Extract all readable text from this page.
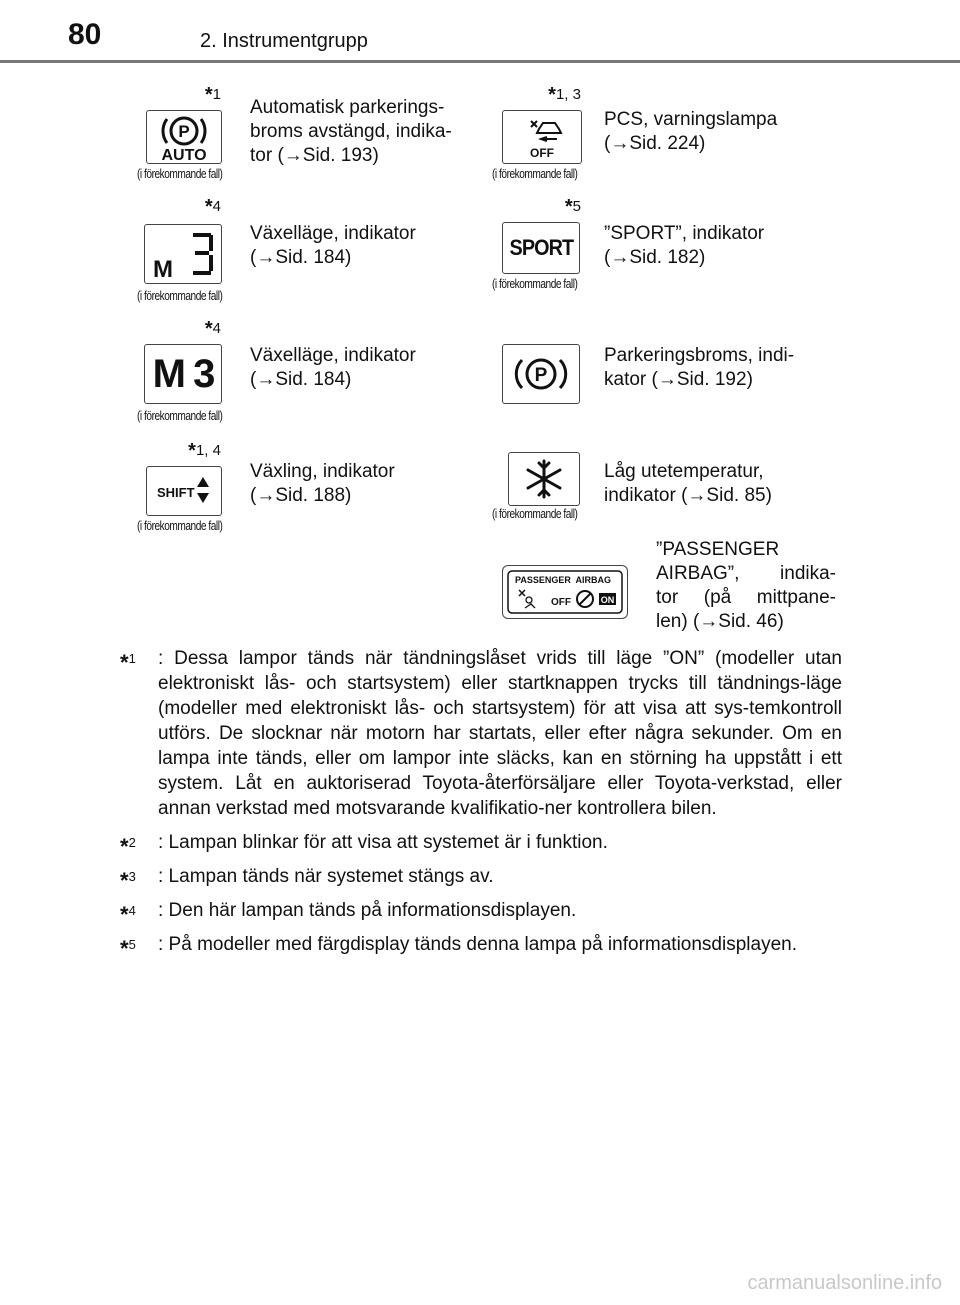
80	2. Instrumentgrupp
*1
P
AUTO
(i förekommande fall)
Automatisk parkerings-
broms avstängd, indika-
tor (→Sid. 193)
*1, 3
OFF
(i förekommande fall)
PCS, varningslampa
(→Sid. 224)
*4
M
(i förekommande fall)
Växelläge, indikator
(→Sid. 184)
*5
SPORT
(i förekommande fall)
”SPORT”, indikator
(→Sid. 182)
*4
M 3
(i förekommande fall)
Växelläge, indikator
(→Sid. 184)	P
Parkeringsbroms, indi-
kator (→Sid. 192)
*1, 4
SHIFT
(i förekommande fall)
Växling, indikator
(→Sid. 188)
(i förekommande fall)
Låg utetemperatur,
indikator (→Sid. 85)
PASSENGER  AIRBAG
OFF	ON
”PASSENGER
AIRBAG”, indika-
tor (på mittpane-
len) (→Sid. 46)
*$^1$ : Dessa lampor tänds när tändningslåset vrids till läge ”ON” (modeller utan elektroniskt lås- och startsystem) eller startknappen trycks till tändnings-läge (modeller med elektroniskt lås- och startsystem) för att visa att sys-temkontroll utförs. De slocknar när motorn har startats, eller efter några sekunder. Om en lampa inte tänds, eller om lampor inte släcks, kan en störning ha uppstått i ett system. Låt en auktoriserad Toyota-återförsäljare eller Toyota-verkstad, eller annan verkstad med motsvarande kvalifikatio-ner kontrollera bilen.
*$^2$ : Lampan blinkar för att visa att systemet är i funktion.
*$^3$ : Lampan tänds när systemet stängs av.
*$^4$ : Den här lampan tänds på informationsdisplayen.
*$^5$ : På modeller med färgdisplay tänds denna lampa på informationsdisplayen.
carmanualsonline.info
